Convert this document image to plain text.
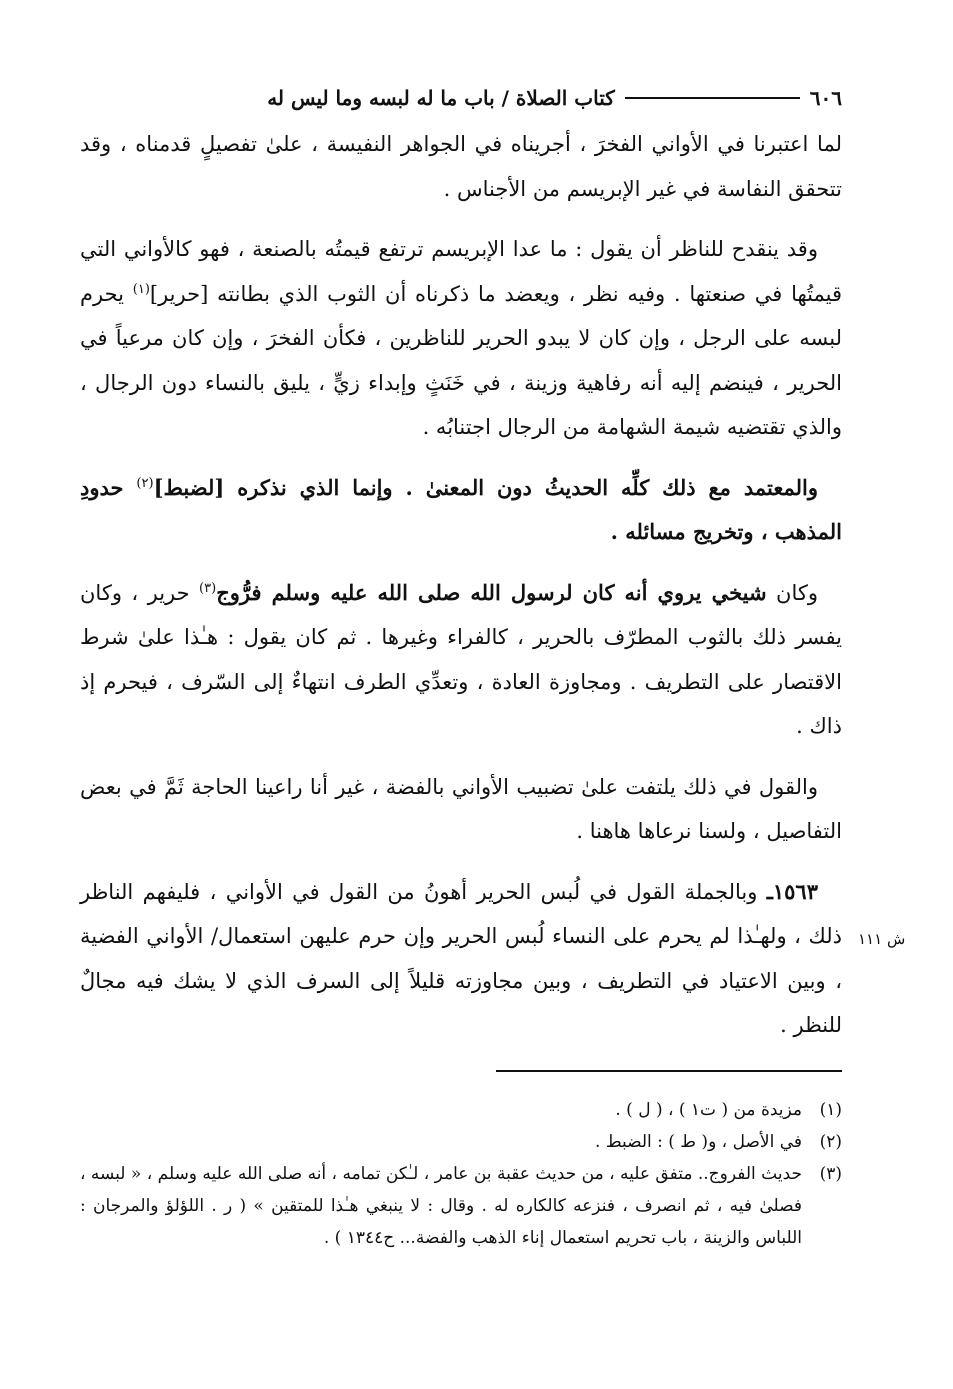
٦٠٦
كتاب الصلاة / باب ما له لبسه وما ليس له

لما اعتبرنا في الأواني الفخرَ ، أجريناه في الجواهر النفيسة ، علىٰ تفصيلٍ قدمناه ، وقد تتحقق النفاسة في غير الإبريسم من الأجناس .

وقد ينقدح للناظر أن يقول : ما عدا الإبريسم ترتفع قيمتُه بالصنعة ، فهو كالأواني التي قيمتُها في صنعتها . وفيه نظر ، ويعضد ما ذكرناه أن الثوب الذي بطانته [حرير]$^{(١)}$ يحرم لبسه على الرجل ، وإن كان لا يبدو الحرير للناظرين ، فكأن الفخرَ ، وإن كان مرعياً في الحرير ، فينضم إليه أنه رفاهية وزينة ، في خَنَثٍ وإبداء زيٍّ ، يليق بالنساء دون الرجال ، والذي تقتضيه شيمة الشهامة من الرجال اجتنابُه .

والمعتمد مع ذلك كلِّه الحديثُ دون المعنىٰ . وإنما الذي نذكره [لضبط]$^{(٢)}$ حدودِ المذهب ، وتخريج مسائله .

وكان شيخي يروي أنه كان لرسول الله صلى الله عليه وسلم فرُّوج$^{(٣)}$ حرير ، وكان يفسر ذلك بالثوب المطرّف بالحرير ، كالفراء وغيرها . ثم كان يقول : هـٰذا علىٰ شرط الاقتصار على التطريف . ومجاوزة العادة ، وتعدِّي الطرف انتهاءٌ إلى السّرف ، فيحرم إذ ذاك .

والقول في ذلك يلتفت علىٰ تضبيب الأواني بالفضة ، غير أنا راعينا الحاجة ثَمَّ في بعض التفاصيل ، ولسنا نرعاها هاهنا .

١٥٦٣ـ وبالجملة القول في لُبس الحرير أهونُ من القول في الأواني ، فليفهم الناظر ذلك ، ولهـٰذا لم يحرم على النساء لُبس الحرير وإن حرم عليهن استعمال/ الأواني الفضية ، وبين الاعتياد في التطريف ، وبين مجاوزته قليلاً إلى السرف الذي لا يشك فيه مجالٌ للنظر .

ش ١١١
(١)
مزيدة من ( ت١ ) ، ( ل ) .
(٢)
في الأصل ، و( ط ) : الضبط .
(٣)
حديث الفروج.. متفق عليه ، من حديث عقبة بن عامر ، لـٰكن تمامه ، أنه صلى الله عليه وسلم ، « لبسه ، فصلىٰ فيه ، ثم انصرف ، فنزعه كالكاره له . وقال : لا ينبغي هـٰذا للمتقين » ( ر . اللؤلؤ والمرجان : اللباس والزينة ، باب تحريم استعمال إناء الذهب والفضة... ح١٣٤٤ ) .
